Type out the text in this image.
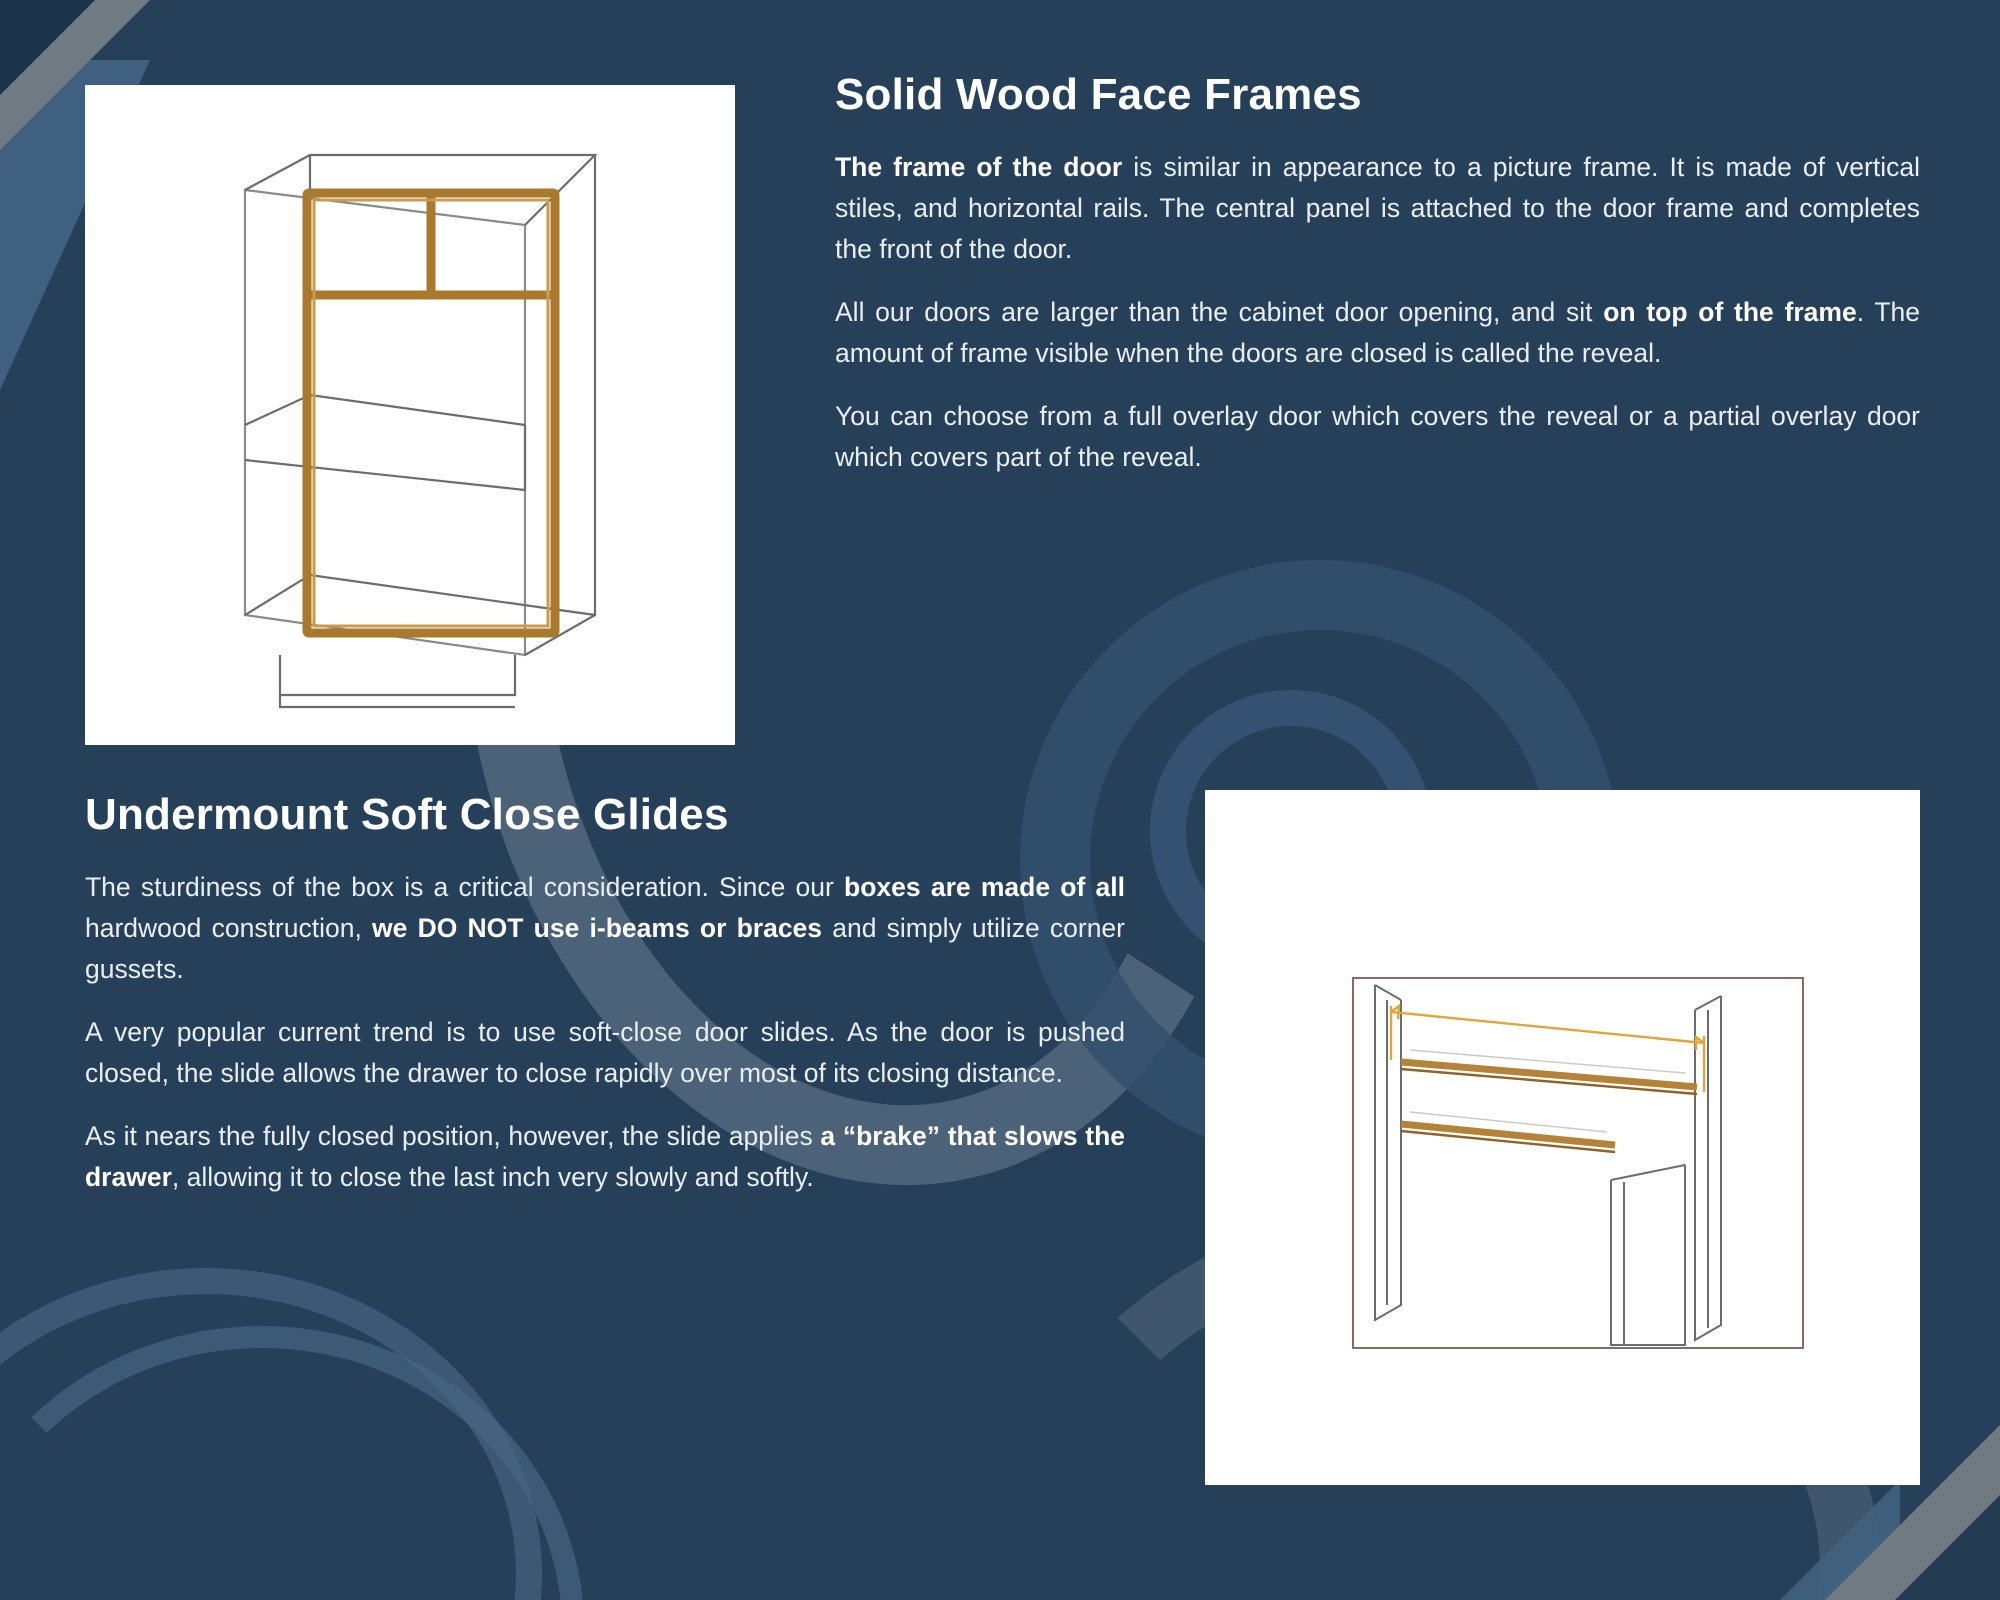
Solid Wood Face Frames

The frame of the door is similar in appearance to a picture frame. It is made of vertical stiles, and horizontal rails. The central panel is attached to the door frame and completes the front of the door.

All our doors are larger than the cabinet door opening, and sit on top of the frame. The amount of frame visible when the doors are closed is called the reveal.

You can choose from a full overlay door which covers the reveal or a partial overlay door which covers part of the reveal.

Undermount Soft Close Glides

The sturdiness of the box is a critical consideration. Since our boxes are made of all hardwood construction, we DO NOT use i-beams or braces and simply utilize corner gussets.

A very popular current trend is to use soft-close door slides. As the door is pushed closed, the slide allows the drawer to close rapidly over most of its closing distance.

As it nears the fully closed position, however, the slide applies a “brake” that slows the drawer, allowing it to close the last inch very slowly and softly.
